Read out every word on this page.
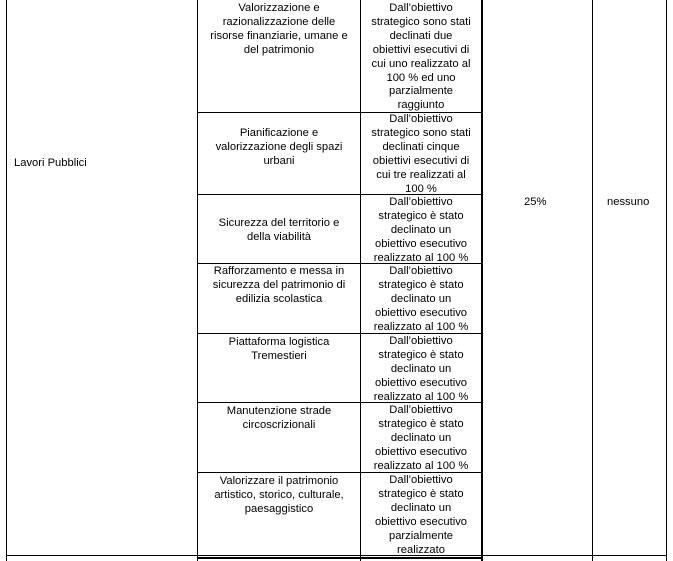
Lavori Pubblici
Valorizzazione e
razionalizzazione delle
risorse finanziarie, umane e
del patrimonio
Pianificazione e
valorizzazione degli spazi
urbani
Sicurezza del territorio e
della viabilità
Rafforzamento e messa in
sicurezza del patrimonio di
edilizia scolastica
Piattaforma logistica
Tremestieri
Manutenzione strade
circoscrizionali
Valorizzare il patrimonio
artistico, storico, culturale,
paesaggistico
Dall’obiettivo
strategico sono stati
declinati due
obiettivi esecutivi di
cui uno realizzato al
100 % ed uno
parzialmente
raggiunto
Dall’obiettivo
strategico sono stati
declinati cinque
obiettivi esecutivi di
cui tre realizzati al
100 %
Dall’obiettivo
strategico è stato
declinato un
obiettivo esecutivo
realizzato al 100 %
Dall’obiettivo
strategico è stato
declinato un
obiettivo esecutivo
realizzato al 100 %
Dall’obiettivo
strategico è stato
declinato un
obiettivo esecutivo
realizzato al 100 %
Dall’obiettivo
strategico è stato
declinato un
obiettivo esecutivo
realizzato al 100 %
Dall’obiettivo
strategico è stato
declinato un
obiettivo esecutivo
parzialmente
realizzato
25%	nessuno
